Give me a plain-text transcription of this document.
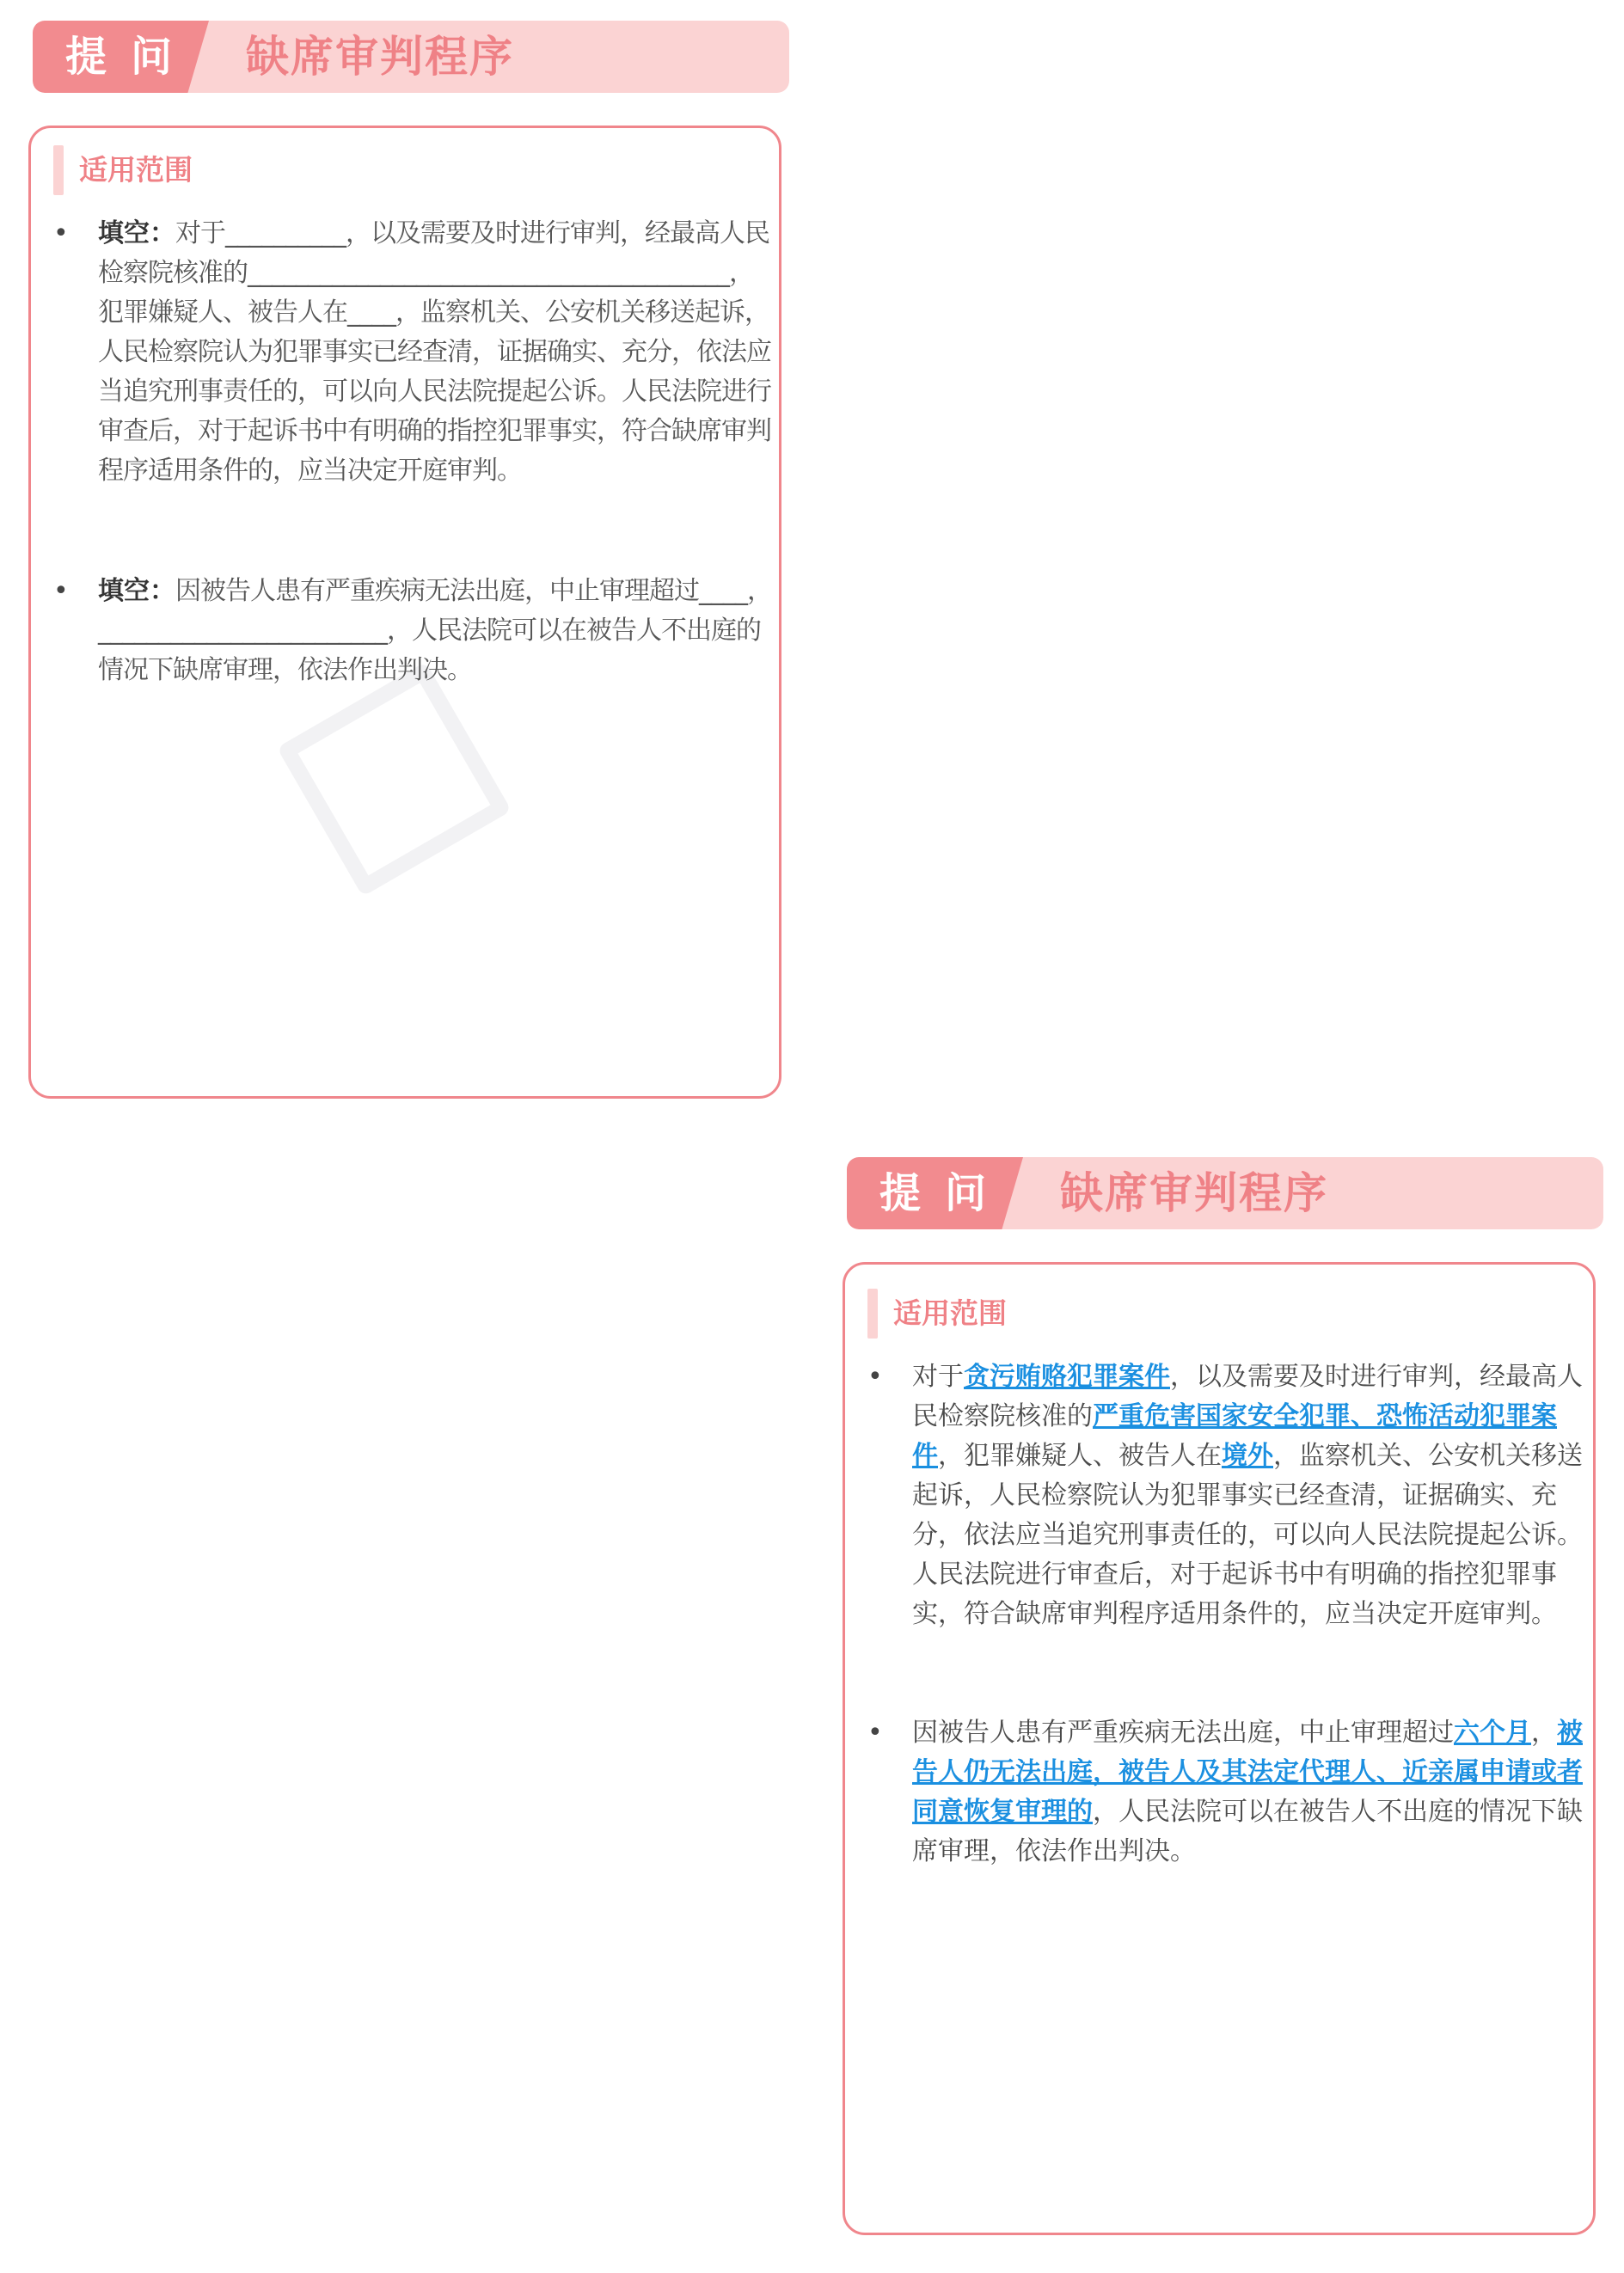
提问 缺席审判程序
适用范围
• 填空：对于__________，以及需要及时进行审判，经最高人民检察院核准的________________________________________，犯罪嫌疑人、被告人在____，监察机关、公安机关移送起诉，人民检察院认为犯罪事实已经查清，证据确实、充分，依法应当追究刑事责任的，可以向人民法院提起公诉。人民法院进行审查后，对于起诉书中有明确的指控犯罪事实，符合缺席审判程序适用条件的，应当决定开庭审判。
• 填空：因被告人患有严重疾病无法出庭，中止审理超过____，________________________，人民法院可以在被告人不出庭的情况下缺席审理，依法作出判决。
提问 缺席审判程序
适用范围
• 对于贪污贿赂犯罪案件，以及需要及时进行审判，经最高人民检察院核准的严重危害国家安全犯罪、恐怖活动犯罪案件，犯罪嫌疑人、被告人在境外，监察机关、公安机关移送起诉，人民检察院认为犯罪事实已经查清，证据确实、充分，依法应当追究刑事责任的，可以向人民法院提起公诉。人民法院进行审查后，对于起诉书中有明确的指控犯罪事实，符合缺席审判程序适用条件的，应当决定开庭审判。
• 因被告人患有严重疾病无法出庭，中止审理超过六个月，被告人仍无法出庭，被告人及其法定代理人、近亲属申请或者同意恢复审理的，人民法院可以在被告人不出庭的情况下缺席审理，依法作出判决。
